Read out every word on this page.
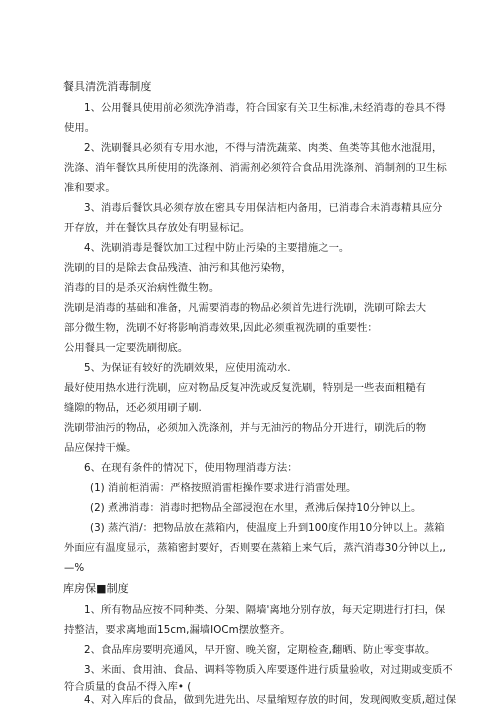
餐具清洗消毒制度
1、公用餐具使用前必须洗净消毒，符合国家有关卫生标准,未经消毒的卷具不得
使用。
2、洗刷餐具必须有专用水池，不得与清洗蔬菜、肉类、鱼类等其他水池混用，
洗涤、消年餐饮具所使用的洗涤剂、消需剂必须符合食品用洗涤剂、消制剂的卫生标
准和要求。
3、消毒后餐饮具必须存放在密具专用保洁柜内备用，已消毒合未消毒精具应分
开存放，并在餐饮具存放处有明显标记。
4、洗刷消毒是餐饮加工过程中防止污染的主要措施之一。
洗刷的目的是除去食品残渣、油污和其他污染物，
消毒的目的是杀灭治病性微生物。
洗刷是消毒的基础和准备，凡需要消毒的物品必须首先进行洗刷，洗刷可除去大
部分微生物，洗刷不好将影响消毒效果,因此必须重视洗刷的重要性：
公用餐具一定要洗刷彻底。
5、为保证有较好的洗刷效果，应使用流动水.
最好使用热水进行洗刷，应对物品反复冲洗或反复洗刷，特别是一些表面粗糙有
缝隙的物品，还必须用刷子刷.
洗刷带油污的物品，必须加入洗涤剂，并与无油污的物品分开进行，刷洗后的物
品应保持干燥。
6、在现有条件的情况下，使用物理消毒方法：
(1) 消前柜消需：严格按照消雷柜操作要求进行消雷处理。
(2) 煮沸消毒：消毒时把物品全部浸泡在水里，煮沸后保持10分钟以上。
(3) 蒸汽消/：把物品放在蒸箱内，使温度上升到100度作用10分钟以上。蒸箱
外面应有温度显示，蒸箱密封要好，否则要在蒸箱上来气后，蒸汽消毒30分钟以上,,
—%
库房保■制度
1、所有物品应按不同种类、分架、隔墙'离地分别存放，每天定期进行打扫，保
持整洁，要求离地面15cm,漏墙IOCm摆放整齐。
2、食品库房要明亮通风，早开窗、晚关窗，定期检查,翻晒、防止零变事故。
3、米面、食用油、食品、调料等物质入库要逐件进行质量验收，对过期或变质不
符合质量的食品不得入库• (
4、对入库后的食品，做到先进先出、尽量缩短存放的时间，发现阀败变质,超过保
